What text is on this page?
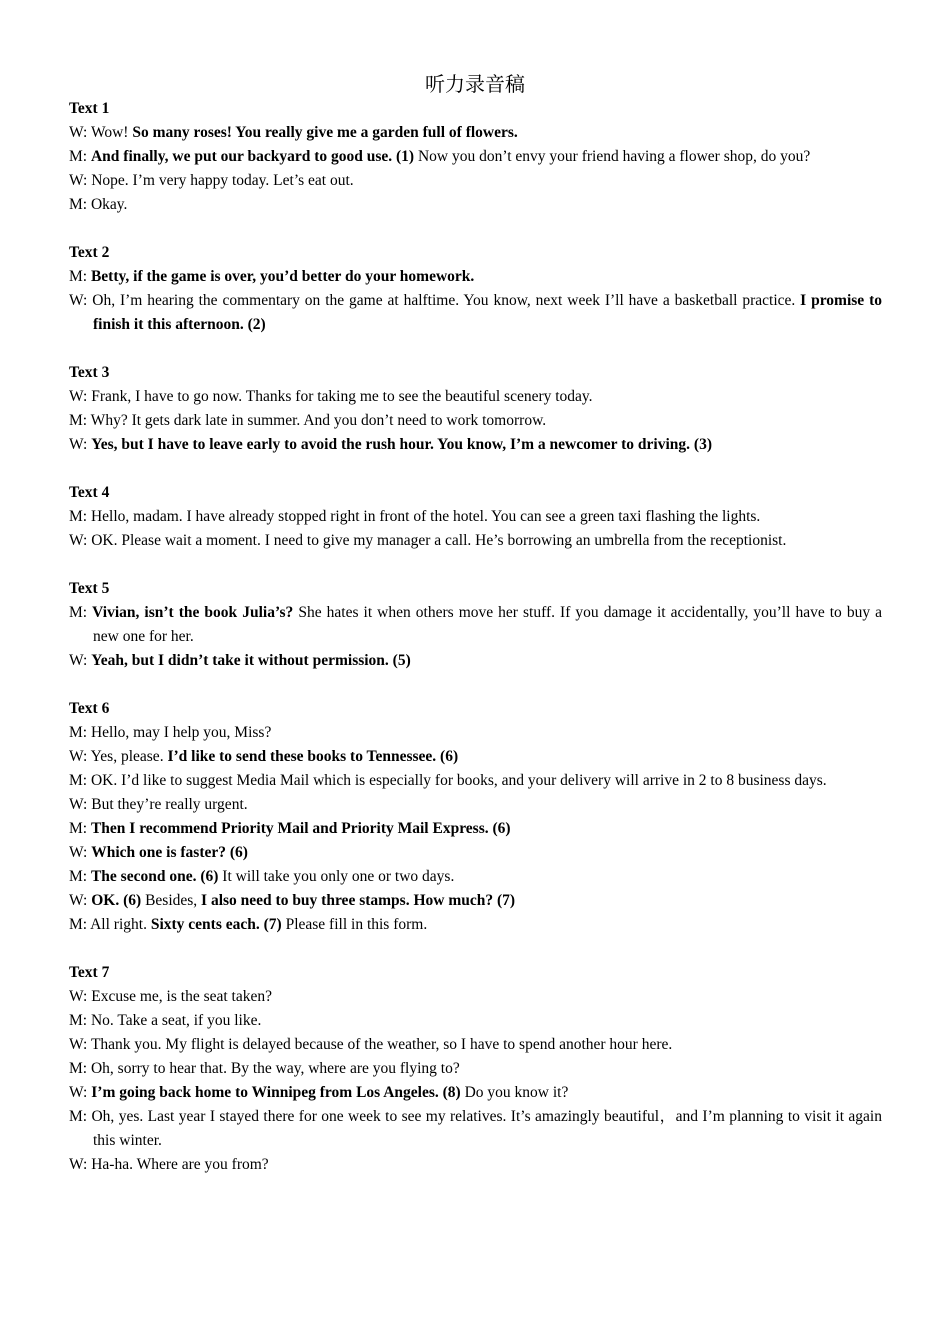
听力录音稿
Text 1
W: Wow! So many roses! You really give me a garden full of flowers.
M: And finally, we put our backyard to good use. (1) Now you don’t envy your friend having a flower shop, do you?
W: Nope. I’m very happy today. Let’s eat out.
M: Okay.
Text 2
M: Betty, if the game is over, you’d better do your homework.
W: Oh, I’m hearing the commentary on the game at halftime. You know, next week I’ll have a basketball practice. I promise to finish it this afternoon. (2)
Text 3
W: Frank, I have to go now. Thanks for taking me to see the beautiful scenery today.
M: Why? It gets dark late in summer. And you don’t need to work tomorrow.
W: Yes, but I have to leave early to avoid the rush hour. You know, I’m a newcomer to driving. (3)
Text 4
M: Hello, madam. I have already stopped right in front of the hotel. You can see a green taxi flashing the lights.
W: OK. Please wait a moment. I need to give my manager a call. He’s borrowing an umbrella from the receptionist.
Text 5
M: Vivian, isn’t the book Julia’s? She hates it when others move her stuff. If you damage it accidentally, you’ll have to buy a new one for her.
W: Yeah, but I didn’t take it without permission. (5)
Text 6
M: Hello, may I help you, Miss?
W: Yes, please. I’d like to send these books to Tennessee. (6)
M: OK. I’d like to suggest Media Mail which is especially for books, and your delivery will arrive in 2 to 8 business days.
W: But they’re really urgent.
M: Then I recommend Priority Mail and Priority Mail Express. (6)
W: Which one is faster? (6)
M: The second one. (6) It will take you only one or two days.
W: OK. (6) Besides, I also need to buy three stamps. How much? (7)
M: All right. Sixty cents each. (7) Please fill in this form.
Text 7
W: Excuse me, is the seat taken?
M: No. Take a seat, if you like.
W: Thank you. My flight is delayed because of the weather, so I have to spend another hour here.
M: Oh, sorry to hear that. By the way, where are you flying to?
W: I’m going back home to Winnipeg from Los Angeles. (8) Do you know it?
M: Oh, yes. Last year I stayed there for one week to see my relatives. It’s amazingly beautiful，and I’m planning to visit it again this winter.
W: Ha-ha. Where are you from?
